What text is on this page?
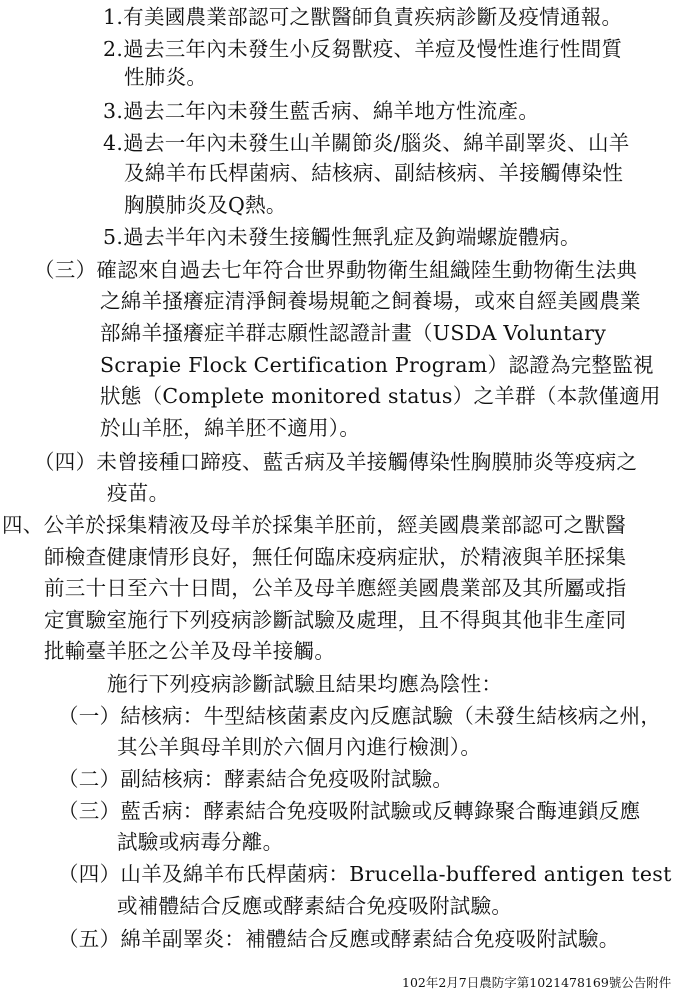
1.有美國農業部認可之獸醫師負責疾病診斷及疫情通報。
2.過去三年內未發生小反芻獸疫、羊痘及慢性進行性間質
性肺炎。
3.過去二年內未發生藍舌病、綿羊地方性流產。
4.過去一年內未發生山羊關節炎/腦炎、綿羊副睪炎、山羊
及綿羊布氏桿菌病、結核病、副結核病、羊接觸傳染性
胸膜肺炎及Q熱。
5.過去半年內未發生接觸性無乳症及鉤端螺旋體病。
（三）確認來自過去七年符合世界動物衛生組織陸生動物衛生法典
之綿羊搔癢症清淨飼養場規範之飼養場，或來自經美國農業
部綿羊搔癢症羊群志願性認證計畫（USDA Voluntary
Scrapie Flock Certification Program）認證為完整監視
狀態（Complete monitored status）之羊群（本款僅適用
於山羊胚，綿羊胚不適用）。
（四）未曾接種口蹄疫、藍舌病及羊接觸傳染性胸膜肺炎等疫病之
疫苗。
四、公羊於採集精液及母羊於採集羊胚前，經美國農業部認可之獸醫
師檢查健康情形良好，無任何臨床疫病症狀，於精液與羊胚採集
前三十日至六十日間，公羊及母羊應經美國農業部及其所屬或指
定實驗室施行下列疫病診斷試驗及處理，且不得與其他非生產同
批輸臺羊胚之公羊及母羊接觸。
施行下列疫病診斷試驗且結果均應為陰性：
（一）結核病：牛型結核菌素皮內反應試驗（未發生結核病之州，
其公羊與母羊則於六個月內進行檢測）。
（二）副結核病：酵素結合免疫吸附試驗。
（三）藍舌病：酵素結合免疫吸附試驗或反轉錄聚合酶連鎖反應
試驗或病毒分離。
（四）山羊及綿羊布氏桿菌病：Brucella-buffered antigen test
或補體結合反應或酵素結合免疫吸附試驗。
（五）綿羊副睪炎：補體結合反應或酵素結合免疫吸附試驗。
102年2月7日農防字第1021478169號公告附件
